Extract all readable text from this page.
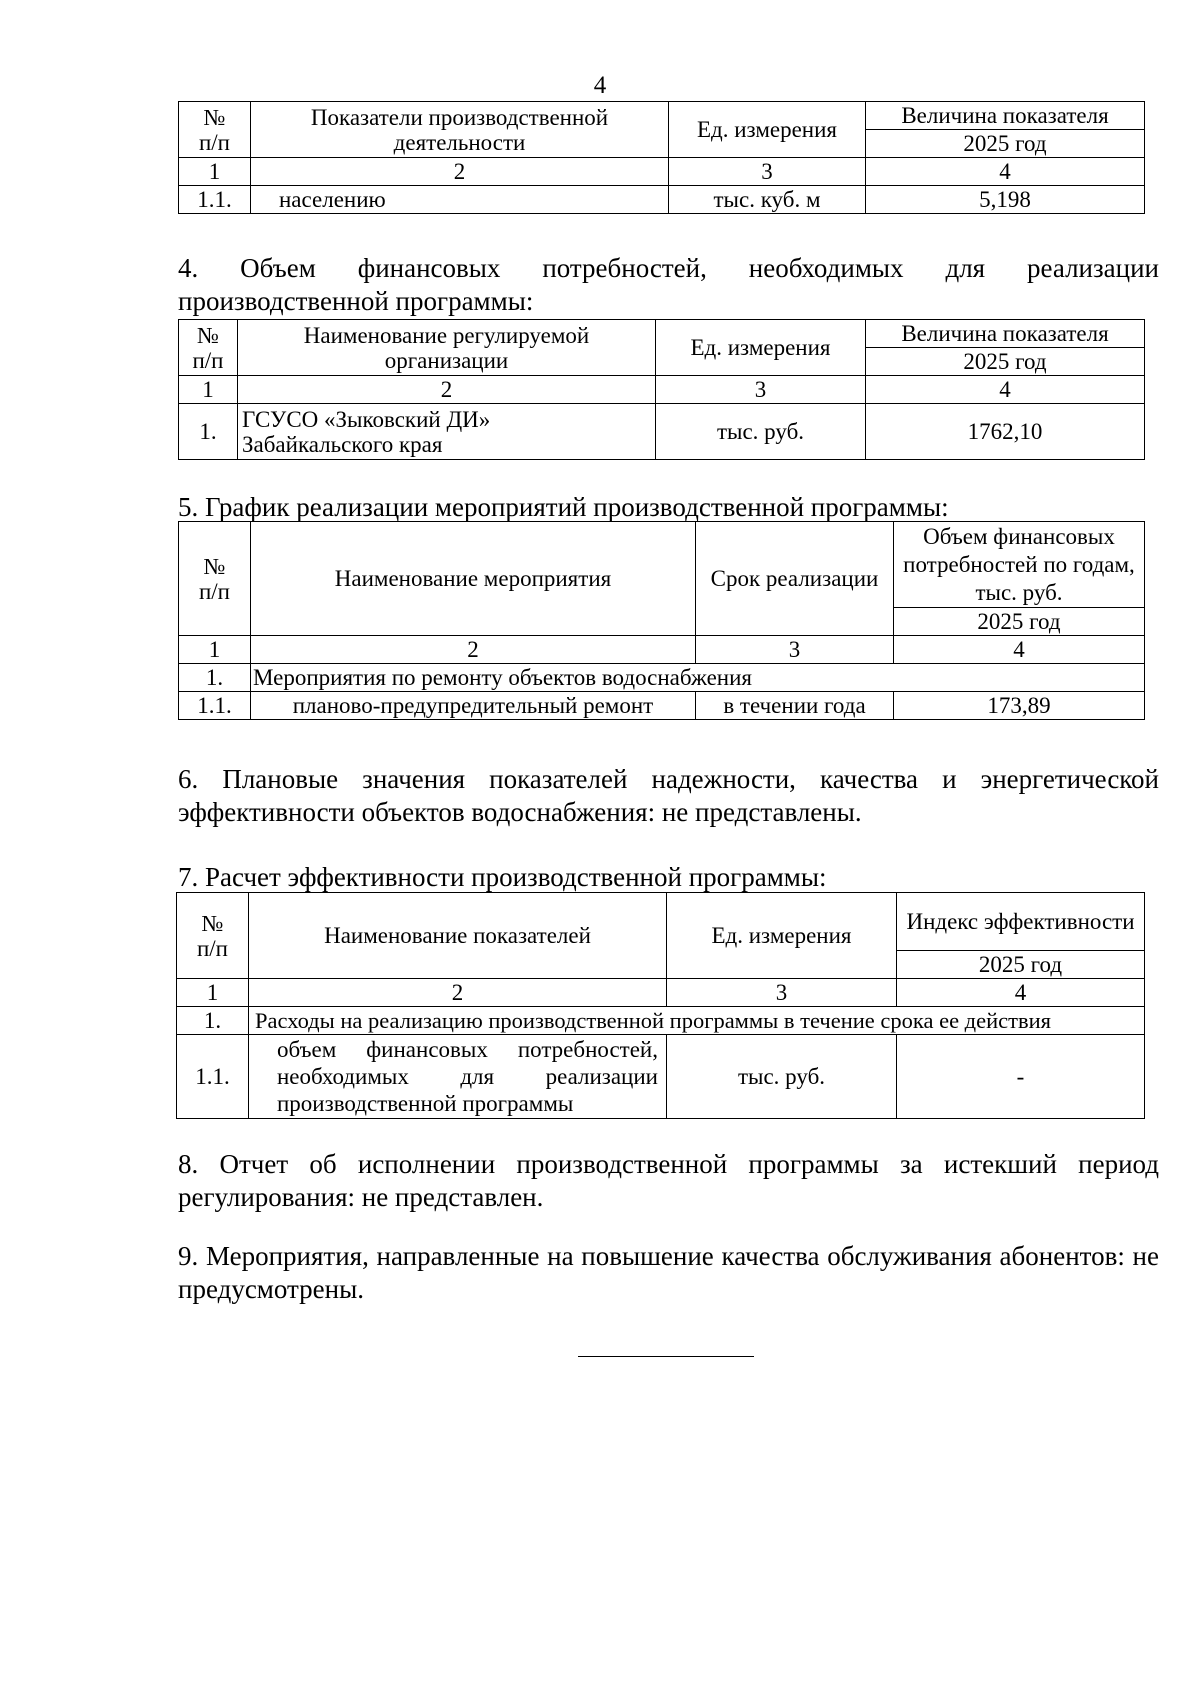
4
№
п/п	Показатели производственной деятельности	Ед. измерения	Величина показателя
			2025 год
1	2	3	4
1.1.	населению	тыс. куб. м	5,198
4. Объем финансовых потребностей, необходимых для реализации
производственной программы:
№
п/п	Наименование регулируемой организации	Ед. измерения	Величина показателя
			2025 год
1	2	3	4
1.	ГСУСО «Зыковский ДИ» Забайкальского края	тыс. руб.	1762,10
5. График реализации мероприятий производственной программы:
№
п/п	Наименование мероприятия	Срок реализации	Объем финансовых потребностей по годам, тыс. руб.
			2025 год
1	2	3	4
1.	Мероприятия по ремонту объектов водоснабжения		
1.1.	планово-предупредительный ремонт	в течении года	173,89
6. Плановые значения показателей надежности, качества и энергетической эффективности объектов водоснабжения: не представлены.
7. Расчет эффективности производственной программы:
№
п/п	Наименование показателей	Ед. измерения	Индекс эффективности
			2025 год
1	2	3	4
1.	Расходы на реализацию производственной программы в течение срока ее действия		
1.1.	объем финансовых потребностей,
необходимых для реализации
производственной программы	тыс. руб.	-
8. Отчет об исполнении производственной программы за истекший период регулирования: не представлен.
9. Мероприятия, направленные на повышение качества обслуживания абонентов: не предусмотрены.
